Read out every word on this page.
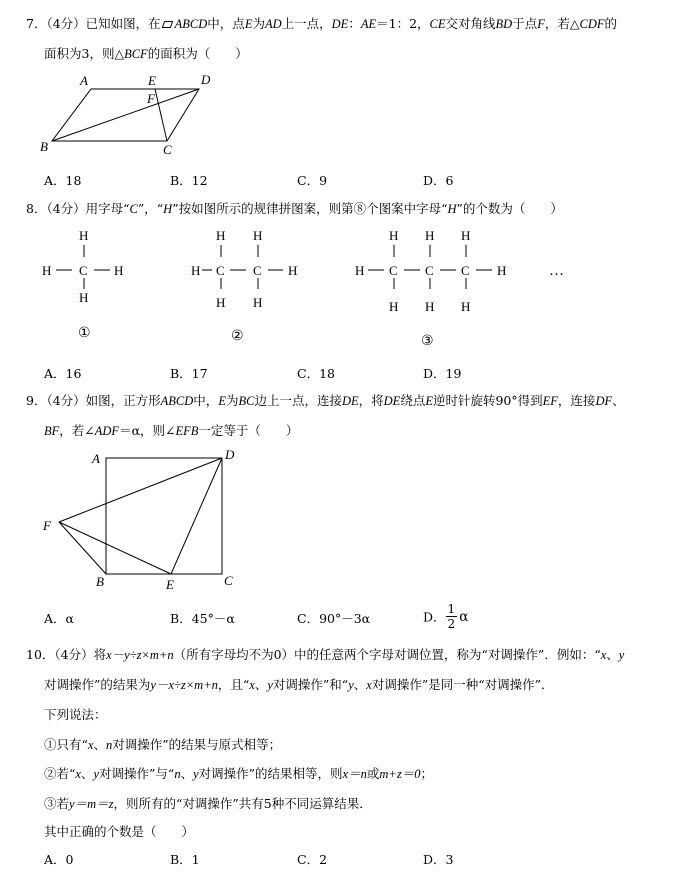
7．（4分）已知如图，在 ABCD中，点E为AD上一点，DE：AE＝1：2，CE交对角线BD于点F，若△CDF的
面积为3，则△BCF的面积为（　　）
A	E	D
F
B	C
A．18	B．12	C．9	D．6
8．（4分）用字母“C”，“H”按如图所示的规律拼图案，则第⑧个图案中字母“H”的个数为（　　）
H
H C H
H
①
H H
H C C H
H H
②
H H H
H C C C H
H H H
③
…
A．16	B．17	C．18	D．19
9．（4分）如图，正方形ABCD中，E为BC边上一点，连接DE，将DE绕点E逆时针旋转90°得到EF，连接DF、
BF，若∠ADF＝α，则∠EFB一定等于（　　）
A	D
F
B	E	C
A．α	B．45°－α	C．90°－3α	D． $\frac{1}{2}$ α
10．（4分）将x－y÷z×m+n（所有字母均不为0）中的任意两个字母对调位置，称为“对调操作”．例如：“x、y
对调操作”的结果为y－x÷z×m+n，且“x、y对调操作”和“y、x对调操作”是同一种“对调操作”．
下列说法：
①只有“x、n对调操作”的结果与原式相等；
②若“x、y对调操作”与“n、y对调操作”的结果相等，则x＝n或m+z＝0；
③若y＝m＝z，则所有的“对调操作”共有5种不同运算结果．
其中正确的个数是（　　）
A．0	B．1	C．2	D．3
